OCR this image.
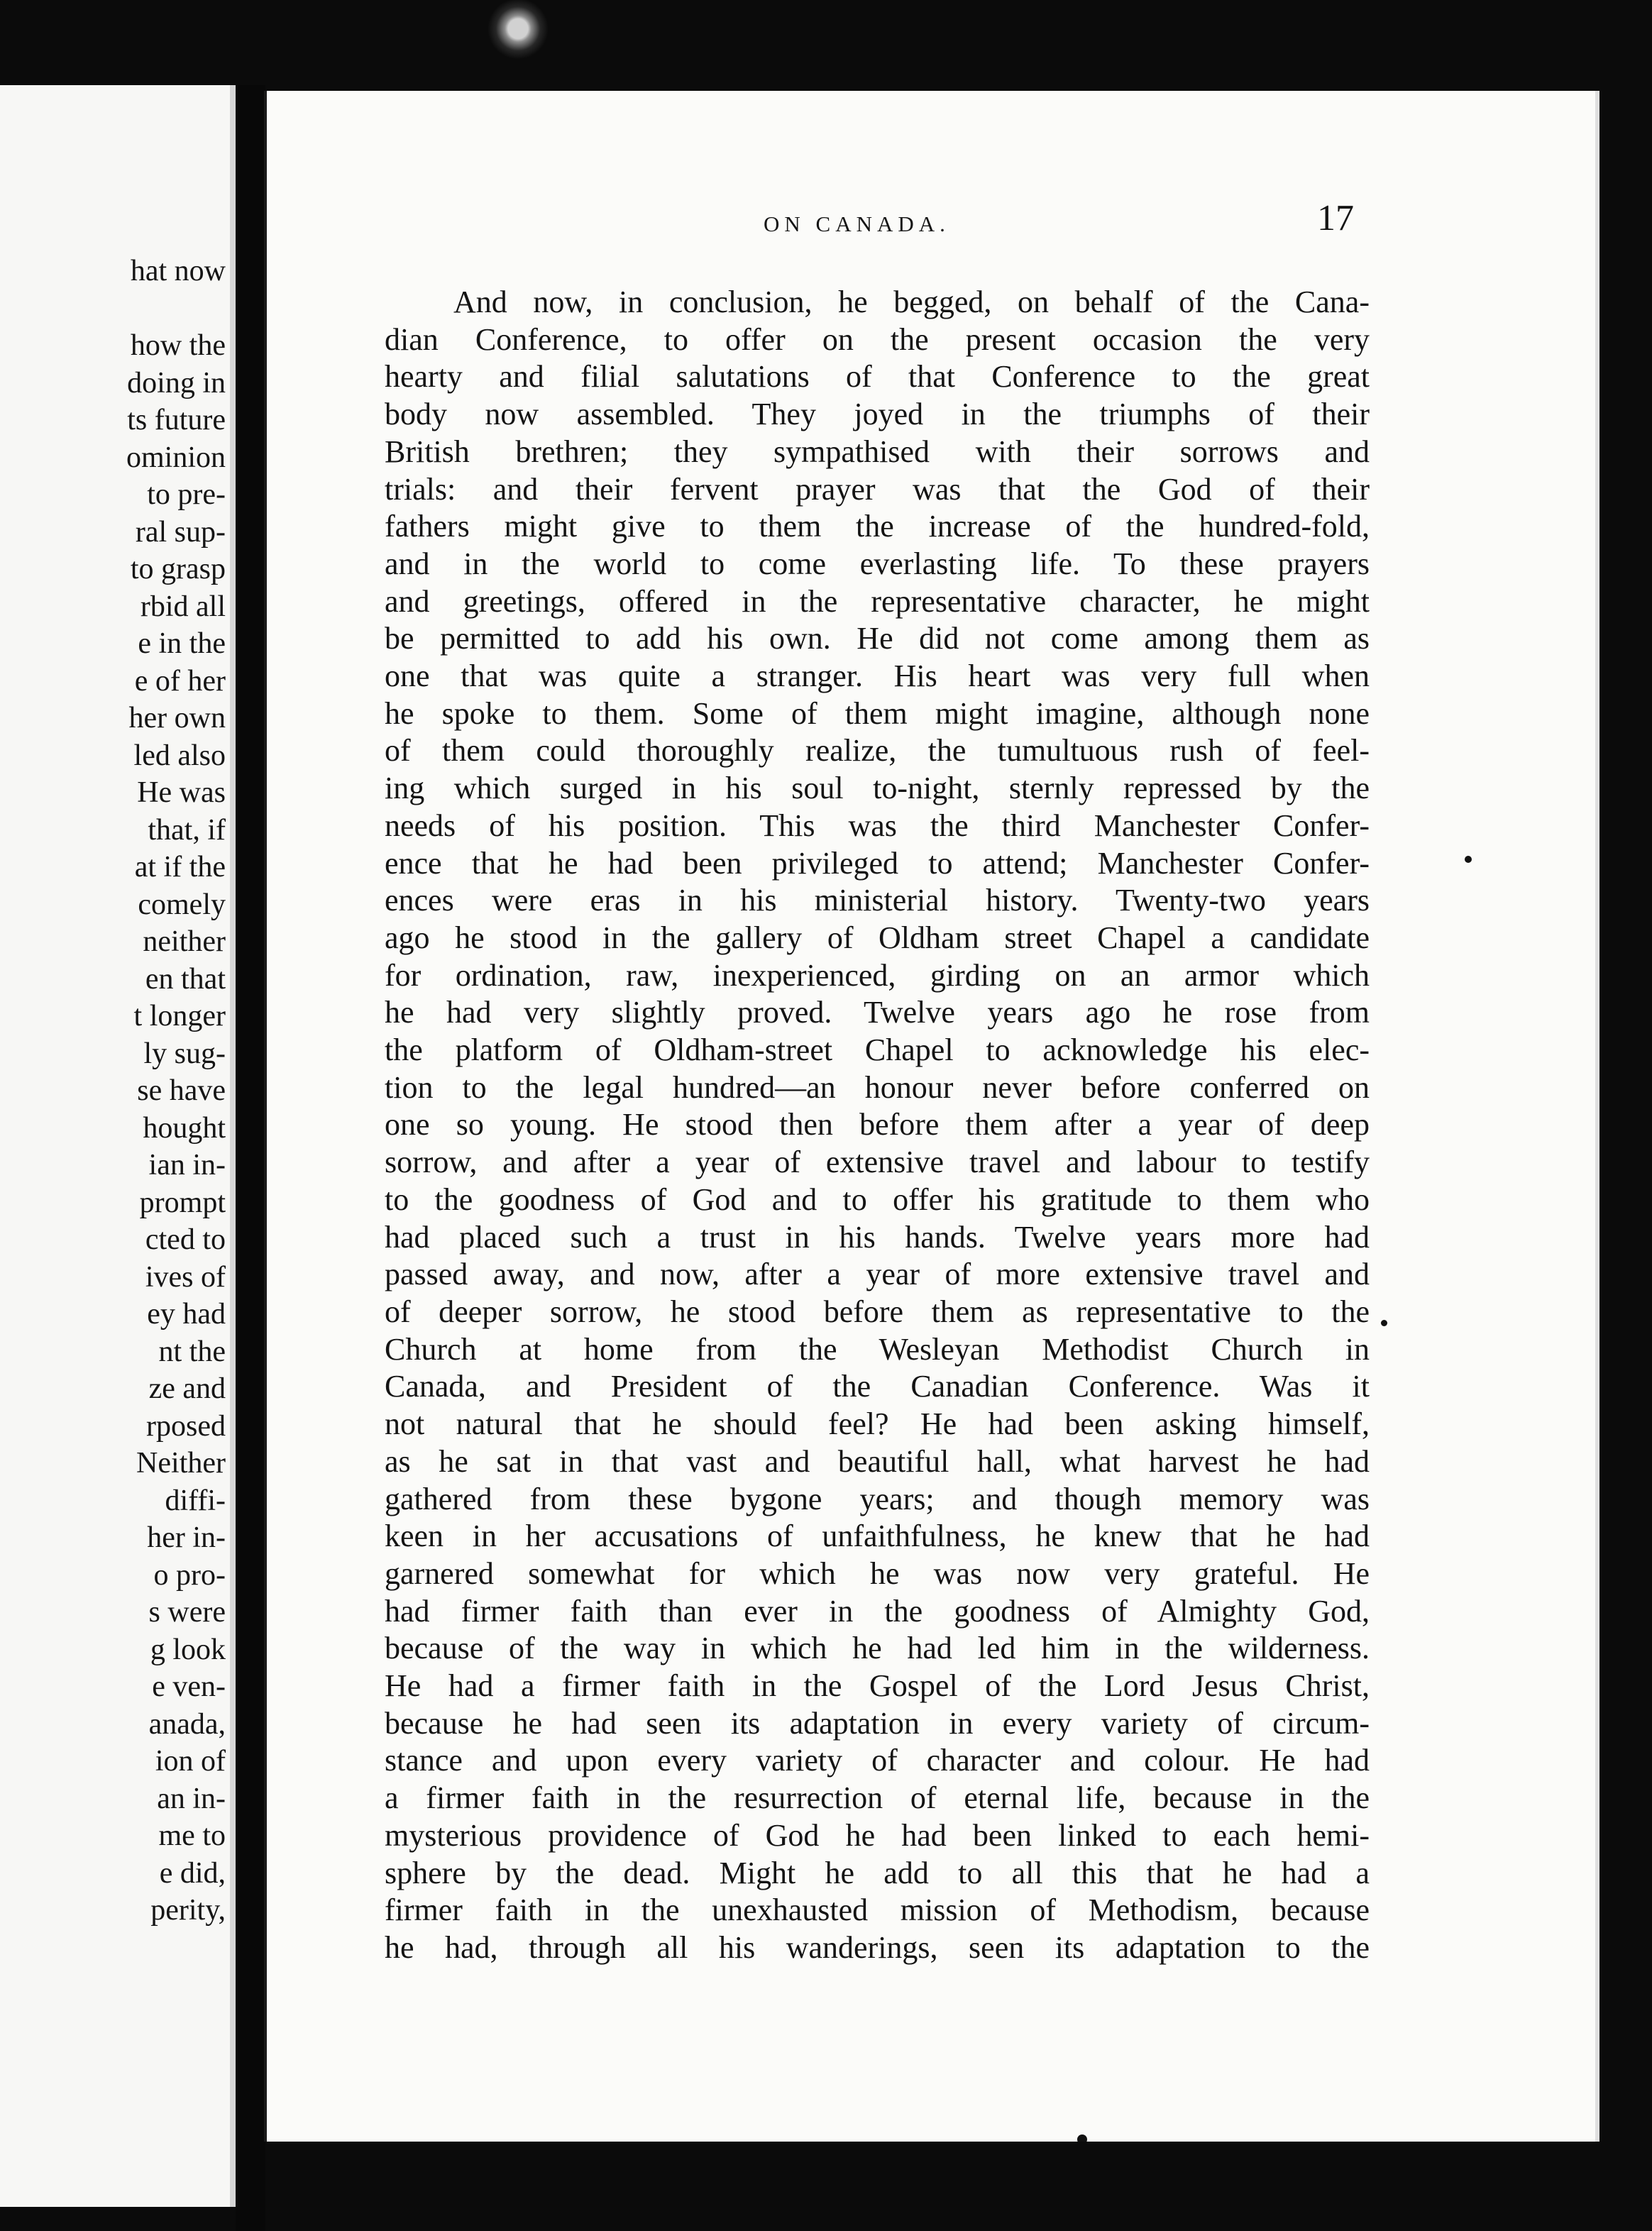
hat now

how the
doing in
ts future
ominion
to pre-
ral sup-
to grasp
rbid all
e in the
e of her
her own
led also
He was
that, if
at if the
comely
neither
en that
t longer
ly sug-
se have
hought
ian in-
prompt
cted to
ives of
ey had
nt the
ze and
rposed
Neither
diffi-
her in-
o pro-
s were
g look
e ven-
anada,
ion of
an in-
me to
e did,
perity,
ON CANADA.	17
And now, in conclusion, he begged, on behalf of the Cana-
dian Conference, to offer on the present occasion the very
hearty and filial salutations of that Conference to the great
body now assembled. They joyed in the triumphs of their
British brethren; they sympathised with their sorrows and
trials: and their fervent prayer was that the God of their
fathers might give to them the increase of the hundred-fold,
and in the world to come everlasting life. To these prayers
and greetings, offered in the representative character, he might
be permitted to add his own. He did not come among them as
one that was quite a stranger. His heart was very full when
he spoke to them. Some of them might imagine, although none
of them could thoroughly realize, the tumultuous rush of feel-
ing which surged in his soul to-night, sternly repressed by the
needs of his position. This was the third Manchester Confer-
ence that he had been privileged to attend; Manchester Confer-
ences were eras in his ministerial history. Twenty-two years
ago he stood in the gallery of Oldham street Chapel a candidate
for ordination, raw, inexperienced, girding on an armor which
he had very slightly proved. Twelve years ago he rose from
the platform of Oldham-street Chapel to acknowledge his elec-
tion to the legal hundred—an honour never before conferred on
one so young. He stood then before them after a year of deep
sorrow, and after a year of extensive travel and labour to testify
to the goodness of God and to offer his gratitude to them who
had placed such a trust in his hands. Twelve years more had
passed away, and now, after a year of more extensive travel and
of deeper sorrow, he stood before them as representative to the
Church at home from the Wesleyan Methodist Church in
Canada, and President of the Canadian Conference. Was it
not natural that he should feel? He had been asking himself,
as he sat in that vast and beautiful hall, what harvest he had
gathered from these bygone years; and though memory was
keen in her accusations of unfaithfulness, he knew that he had
garnered somewhat for which he was now very grateful. He
had firmer faith than ever in the goodness of Almighty God,
because of the way in which he had led him in the wilderness.
He had a firmer faith in the Gospel of the Lord Jesus Christ,
because he had seen its adaptation in every variety of circum-
stance and upon every variety of character and colour. He had
a firmer faith in the resurrection of eternal life, because in the
mysterious providence of God he had been linked to each hemi-
sphere by the dead. Might he add to all this that he had a
firmer faith in the unexhausted mission of Methodism, because
he had, through all his wanderings, seen its adaptation to the
